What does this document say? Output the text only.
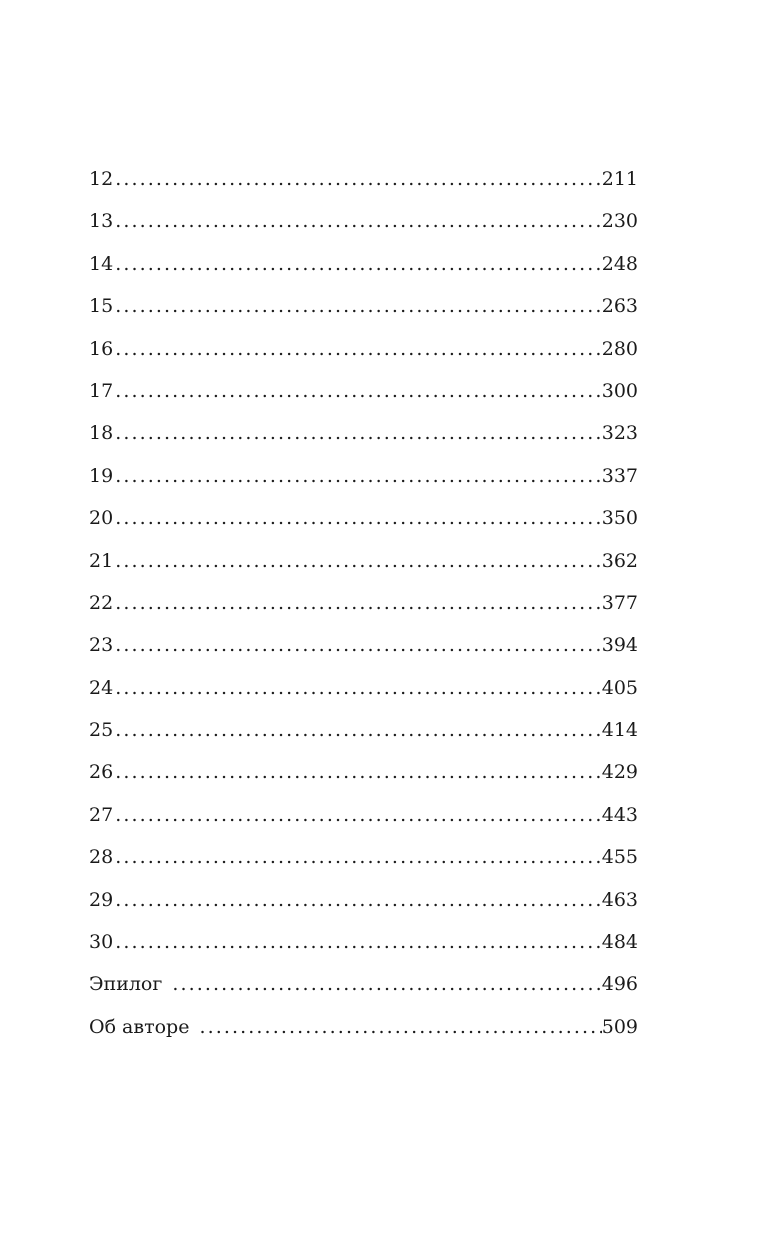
12 .....	211
13 .....	230
14 .....	248
15 .....	263
16 .....	280
17 .....	300
18 .....	323
19 .....	337
20 .....	350
21 .....	362
22 .....	377
23 .....	394
24 .....	405
25 .....	414
26 .....	429
27 .....	443
28 .....	455
29 .....	463
30 .....	484
Эпилог .....	496
Об авторе .....	509
